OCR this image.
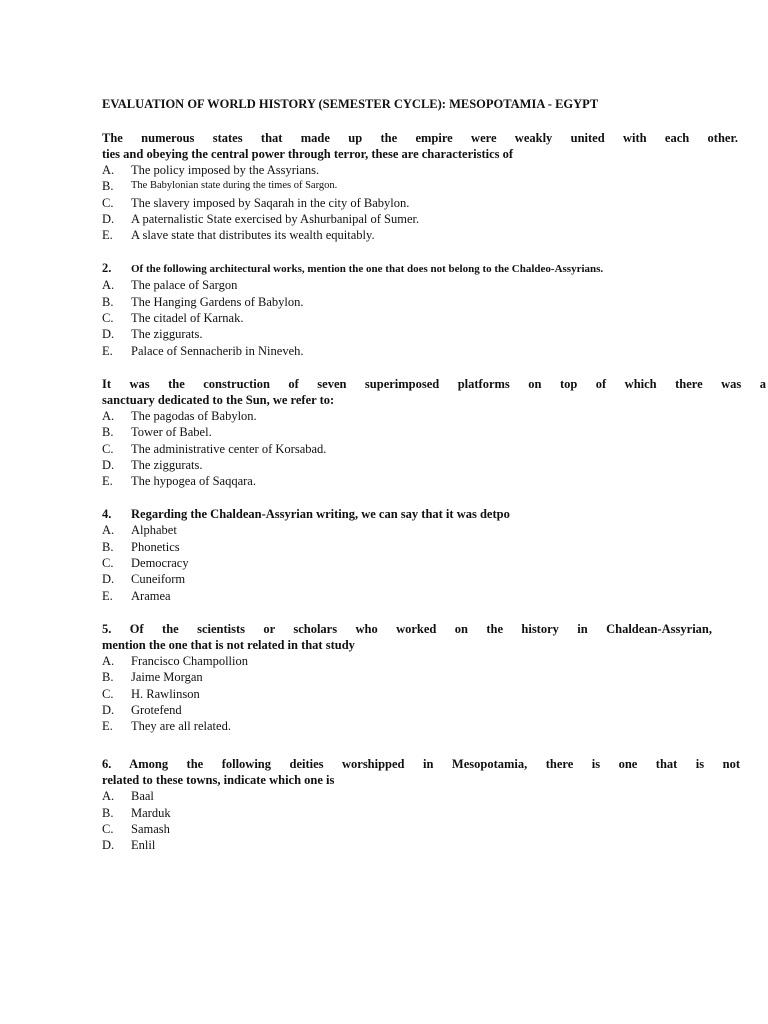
EVALUATION OF WORLD HISTORY (SEMESTER CYCLE): MESOPOTAMIA - EGYPT
The numerous states that made up the empire were weakly united with each other.
ties and obeying the central power through terror, these are characteristics of
A.	The policy imposed by the Assyrians.
B.	The Babylonian state during the times of Sargon.
C.	The slavery imposed by Saqarah in the city of Babylon.
D.	A paternalistic State exercised by Ashurbanipal of Sumer.
E.	A slave state that distributes its wealth equitably.
2. Of the following architectural works, mention the one that does not belong to the Chaldeo-Assyrians.
A.	The palace of Sargon
B.	The Hanging Gardens of Babylon.
C.	The citadel of Karnak.
D.	The ziggurats.
E.	Palace of Sennacherib in Nineveh.
It was the construction of seven superimposed platforms on top of which there was a
sanctuary dedicated to the Sun, we refer to:
A.	The pagodas of Babylon.
B.	Tower of Babel.
C.	The administrative center of Korsabad.
D.	The ziggurats.
E.	The hypogea of Saqqara.
4. Regarding the Chaldean-Assyrian writing, we can say that it was detpo
A.	Alphabet
B.	Phonetics
C.	Democracy
D.	Cuneiform
E.	Aramea
5. Of the scientists or scholars who worked on the history in Chaldean-Assyrian,
mention the one that is not related in that study
A.	Francisco Champollion
B.	Jaime Morgan
C.	H. Rawlinson
D.	Grotefend
E.	They are all related.
6. Among the following deities worshipped in Mesopotamia, there is one that is not
related to these towns, indicate which one is
A.	Baal
B.	Marduk
C.	Samash
D.	Enlil
